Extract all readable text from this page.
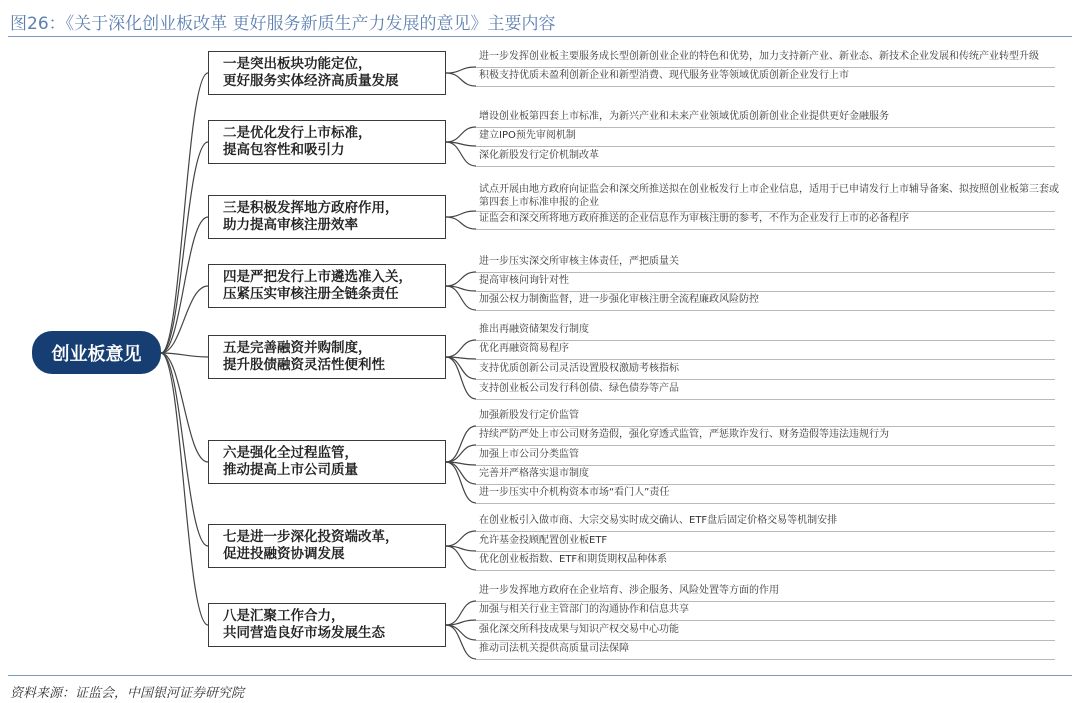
图26：《关于深化创业板改革 更好服务新质生产力发展的意见》主要内容
创业板意见
一是突出板块功能定位，
更好服务实体经济高质量发展
进一步发挥创业板主要服务成长型创新创业企业的特色和优势，加力支持新产业、新业态、新技术企业发展和传统产业转型升级
积极支持优质未盈利创新企业和新型消费、现代服务业等领域优质创新企业发行上市
二是优化发行上市标准，
提高包容性和吸引力
增设创业板第四套上市标准，为新兴产业和未来产业领域优质创新创业企业提供更好金融服务
建立IPO预先审阅机制
深化新股发行定价机制改革
三是积极发挥地方政府作用，
助力提高审核注册效率
试点开展由地方政府向证监会和深交所推送拟在创业板发行上市企业信息，适用于已申请发行上市辅导备案、拟按照创业板第三套或第四套上市标准申报的企业
证监会和深交所将地方政府推送的企业信息作为审核注册的参考，不作为企业发行上市的必备程序
四是严把发行上市遴选准入关，
压紧压实审核注册全链条责任
进一步压实深交所审核主体责任，严把质量关
提高审核问询针对性
加强公权力制衡监督，进一步强化审核注册全流程廉政风险防控
五是完善融资并购制度，
提升股债融资灵活性便利性
推出再融资储架发行制度
优化再融资简易程序
支持优质创新公司灵活设置股权激励考核指标
支持创业板公司发行科创债、绿色债券等产品
六是强化全过程监管，
推动提高上市公司质量
加强新股发行定价监管
持续严防严处上市公司财务造假，强化穿透式监管，严惩欺诈发行、财务造假等违法违规行为
加强上市公司分类监管
完善并严格落实退市制度
进一步压实中介机构资本市场“看门人”责任
七是进一步深化投资端改革，
促进投融资协调发展
在创业板引入做市商、大宗交易实时成交确认、ETF盘后固定价格交易等机制安排
允许基金投顾配置创业板ETF
优化创业板指数、ETF和期货期权品种体系
八是汇聚工作合力，
共同营造良好市场发展生态
进一步发挥地方政府在企业培育、涉企服务、风险处置等方面的作用
加强与相关行业主管部门的沟通协作和信息共享
强化深交所科技成果与知识产权交易中心功能
推动司法机关提供高质量司法保障
资料来源：证监会，中国银河证券研究院
